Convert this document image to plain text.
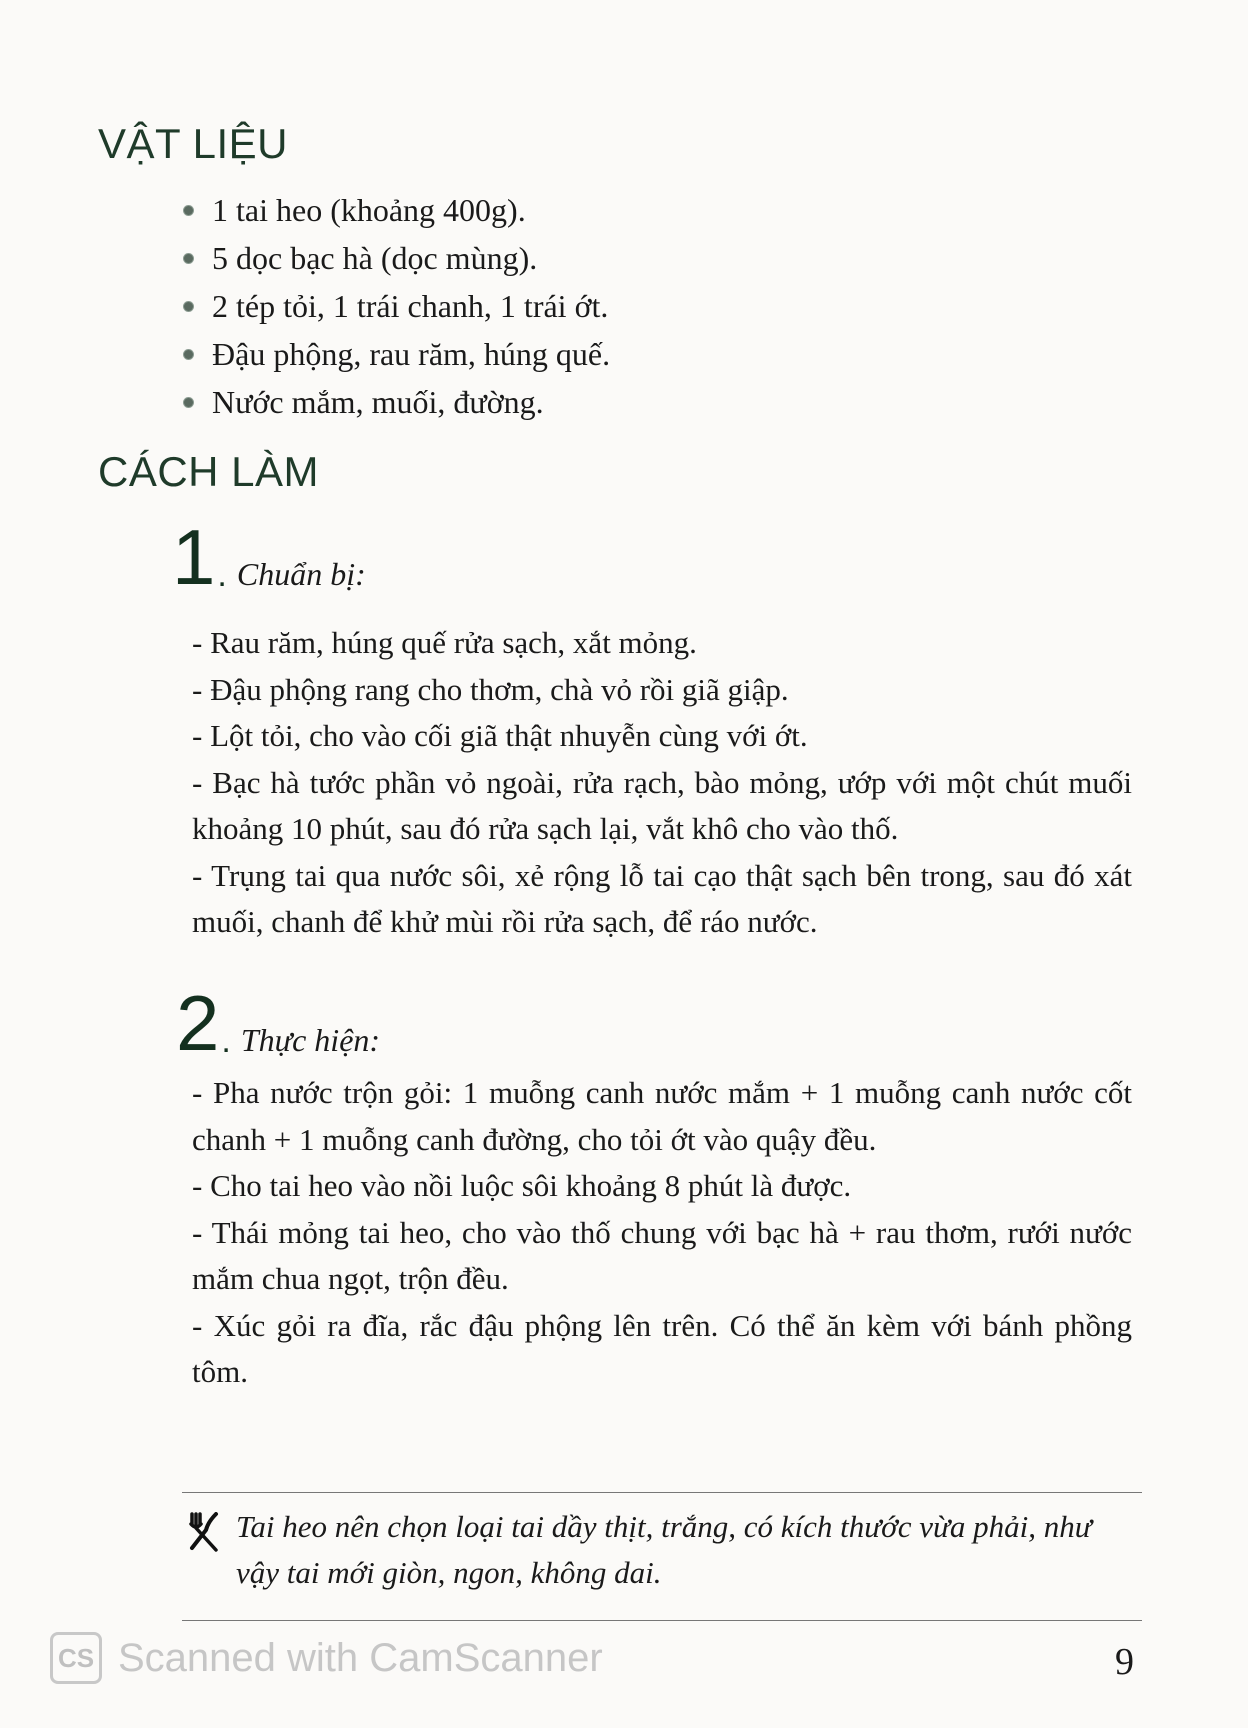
VẬT LIỆU
1 tai heo (khoảng 400g).
5 dọc bạc hà (dọc mùng).
2 tép tỏi, 1 trái chanh, 1 trái ớt.
Đậu phộng, rau răm, húng quế.
Nước mắm, muối, đường.
CÁCH LÀM
1 . Chuẩn bị:

- Rau răm, húng quế rửa sạch, xắt mỏng.

- Đậu phộng rang cho thơm, chà vỏ rồi giã giập.

- Lột tỏi, cho vào cối giã thật nhuyễn cùng với ớt.

- Bạc hà tước phần vỏ ngoài, rửa rạch, bào mỏng, ướp với một chút muối khoảng 10 phút, sau đó rửa sạch lại, vắt khô cho vào thố.

- Trụng tai qua nước sôi, xẻ rộng lỗ tai cạo thật sạch bên trong, sau đó xát muối, chanh để khử mùi rồi rửa sạch, để ráo nước.

2 . Thực hiện:

- Pha nước trộn gỏi: 1 muỗng canh nước mắm + 1 muỗng canh nước cốt chanh + 1 muỗng canh đường, cho tỏi ớt vào quậy đều.

- Cho tai heo vào nồi luộc sôi khoảng 8 phút là được.

- Thái mỏng tai heo, cho vào thố chung với bạc hà + rau thơm, rưới nước mắm chua ngọt, trộn đều.

- Xúc gỏi ra đĩa, rắc đậu phộng lên trên. Có thể ăn kèm với bánh phồng tôm.

Tai heo nên chọn loại tai dầy thịt, trắng, có kích thước vừa phải, như vậy tai mới giòn, ngon, không dai.
CS Scanned with CamScanner	9
